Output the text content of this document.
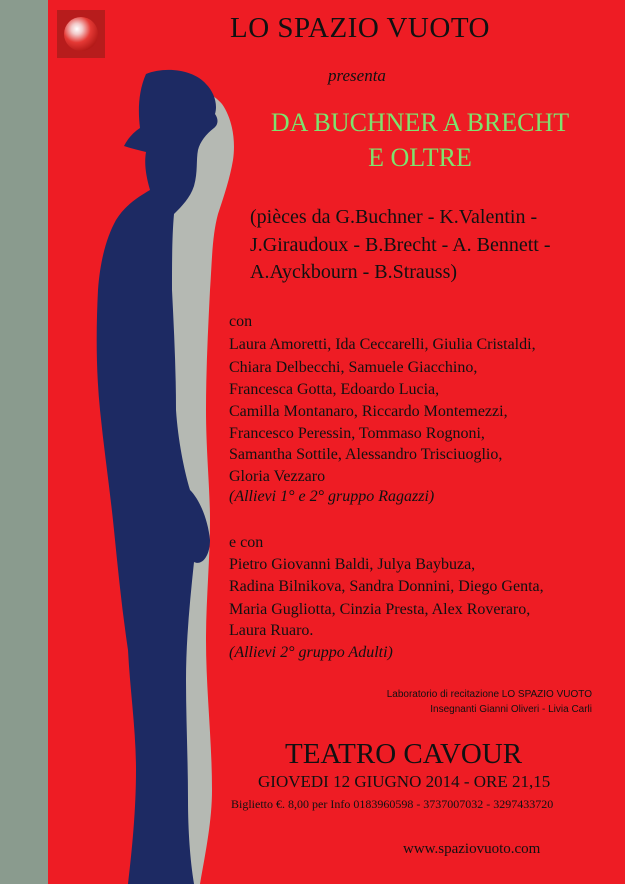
LO SPAZIO VUOTO
presenta
DA BUCHNER A BRECHT
E OLTRE
(pièces da G.Buchner - K.Valentin -
J.Giraudoux - B.Brecht - A. Bennett -
A.Ayckbourn - B.Strauss)
con
Laura Amoretti, Ida Ceccarelli, Giulia Cristaldi,
Chiara Delbecchi, Samuele Giacchino,
Francesca Gotta, Edoardo Lucia,
Camilla Montanaro, Riccardo Montemezzi,
Francesco Peressin, Tommaso Rognoni,
Samantha Sottile, Alessandro Trisciuoglio,
Gloria Vezzaro
(Allievi 1° e 2° gruppo Ragazzi)
e con
Pietro Giovanni Baldi, Julya Baybuza,
Radina Bilnikova, Sandra Donnini, Diego Genta,
Maria Gugliotta, Cinzia Presta, Alex Roveraro,
Laura Ruaro.
(Allievi 2° gruppo Adulti)
Laboratorio di recitazione LO SPAZIO VUOTO
Insegnanti Gianni Oliveri - Livia Carli
TEATRO CAVOUR
GIOVEDI 12 GIUGNO 2014 - ORE 21,15
Biglietto €. 8,00 per Info 0183960598 - 3737007032 - 3297433720
www.spaziovuoto.com
